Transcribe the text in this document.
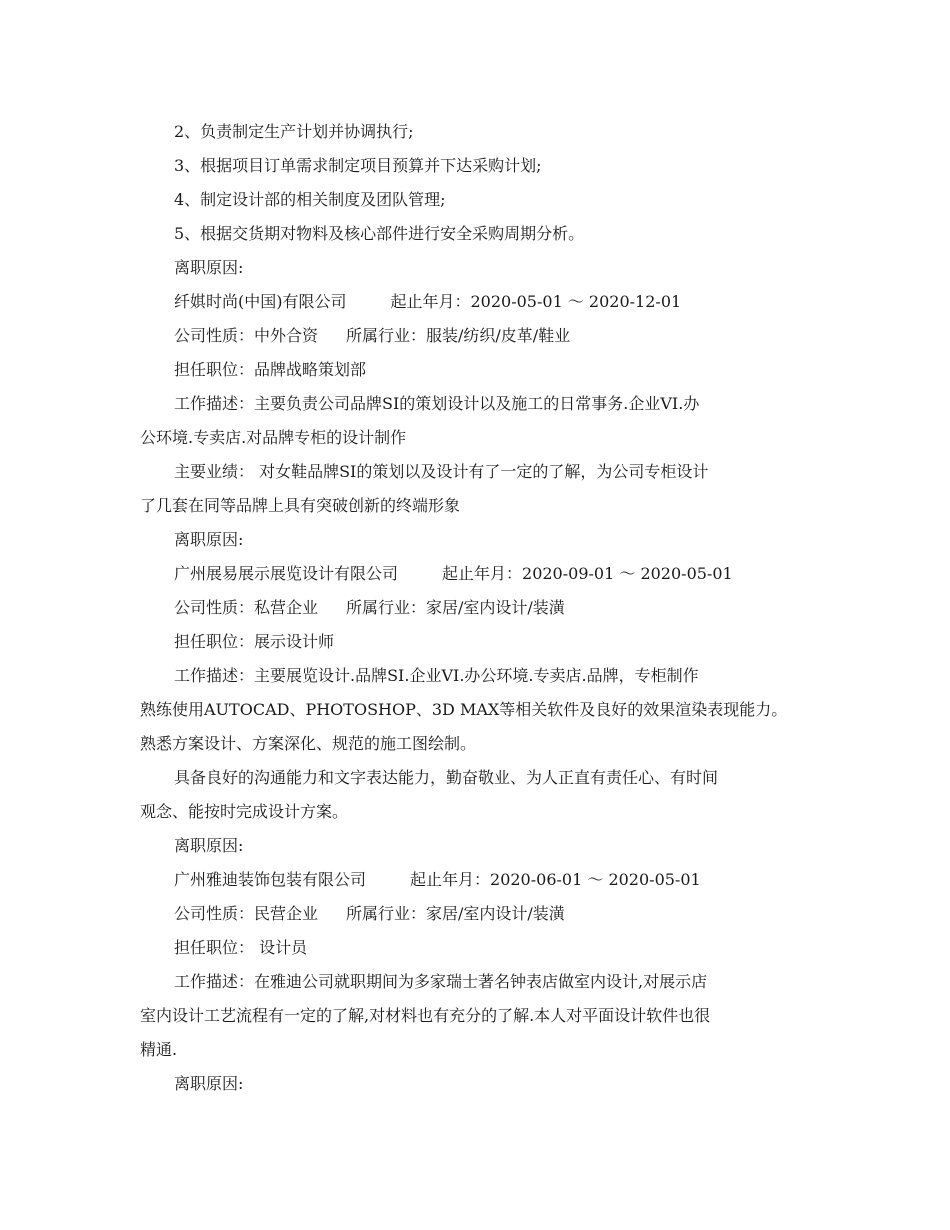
2、负责制定生产计划并协调执行;
3、根据项目订单需求制定项目预算并下达采购计划;
4、制定设计部的相关制度及团队管理;
5、根据交货期对物料及核心部件进行安全采购周期分析。
离职原因:
纤娸时尚(中国)有限公司	起止年月：2020-05-01 ～ 2020-12-01
公司性质：中外合资 所属行业：服装/纺织/皮革/鞋业
担任职位：品牌战略策划部
工作描述：主要负责公司品牌SI的策划设计以及施工的日常事务.企业VI.办
公环境.专卖店.对品牌专柜的设计制作
主要业绩： 对女鞋品牌SI的策划以及设计有了一定的了解，为公司专柜设计
了几套在同等品牌上具有突破创新的终端形象
离职原因:
广州展易展示展览设计有限公司	起止年月：2020-09-01 ～ 2020-05-01
公司性质：私营企业 所属行业：家居/室内设计/装潢
担任职位：展示设计师
工作描述：主要展览设计.品牌SI.企业VI.办公环境.专卖店.品牌，专柜制作
熟练使用AUTOCAD、PHOTOSHOP、3D MAX等相关软件及良好的效果渲染表现能力。
熟悉方案设计、方案深化、规范的施工图绘制。
具备良好的沟通能力和文字表达能力，勤奋敬业、为人正直有责任心、有时间
观念、能按时完成设计方案。
离职原因:
广州雅迪装饰包装有限公司	起止年月：2020-06-01 ～ 2020-05-01
公司性质：民营企业 所属行业：家居/室内设计/装潢
担任职位： 设计员
工作描述：在雅迪公司就职期间为多家瑞士著名钟表店做室内设计,对展示店
室内设计工艺流程有一定的了解,对材料也有充分的了解.本人对平面设计软件也很
精通.
离职原因:
